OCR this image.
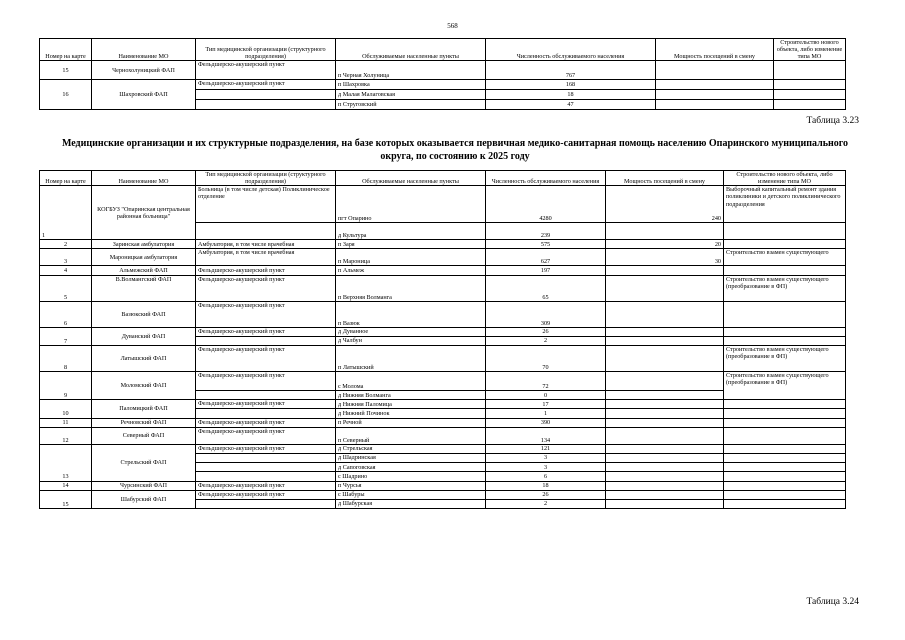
568
Номер на карте	Наименование МО	Тип медицинской организации (структурного подразделения)	Обслуживаемые населенные пункты	Численность обслуживаемого населения	Мощность посещений в смену	Строительство нового объекта, либо изменение типа МО
15	Чернохолуницкий ФАП	Фельдшерско-акушерский пункт	п Черная Холуница	767		
16	Шахровский ФАП	Фельдшерско-акушерский пункт	п Шахровка	168		
			д Малая Малаговская	18		
			п Струговский	47		
Таблица 3.23
Медицинские организации и их структурные подразделения, на базе которых оказывается первичная медико-санитарная помощь населению Опаринского муниципального округа, по состоянию к 2025 году
Номер на карте	Наименование МО	Тип медицинской организации (структурного подразделения)	Обслуживаемые населенные пункты	Численность обслуживаемого населения	Мощность посещений в смену	Строительство нового объекта, либо изменение типа МО
1	КОГБУЗ "Опаринская центральная районная больница"	Больница (в том числе детская) Поликлиническое отделение	пгт Опарино	4280	240	Выборочный капитальный ремонт здания поликлиники и детского поликлинического подразделения
			д Культура	239		
2	Заринская амбулатория	Амбулатория, в том числе врачебная	п Заря	575	20	
3	Мароницкая амбулатория	Амбулатория, в том числе врачебная	п Мароница	627	30	Строительство взамен существующего
4	Альмежский ФАП	Фельдшерско-акушерский пункт	п Альмеж	197		
5	В.Волмангский ФАП	Фельдшерско-акушерский пункт	п Верхняя Волманга	65		Строительство взамен существующего (преобразование в ФП)
6	Вазюкский ФАП	Фельдшерско-акушерский пункт	п Вазюк	309		
7	Дуванский ФАП	Фельдшерско-акушерский пункт	д Дуванное	26		
			д Чалбун	2		
8	Латышский ФАП	Фельдшерско-акушерский пункт	п Латышский	70		Строительство взамен существующего (преобразование в ФП)
9	Моломский ФАП	Фельдшерско-акушерский пункт	с Молома	72		Строительство взамен существующего (преобразование в ФП)
			д Нижняя Волманга	0		
10	Паломицкий ФАП	Фельдшерско-акушерский пункт	д Нижняя Паломица	17		
			д Нижний Починок	1		
11	Речновский ФАП	Фельдшерско-акушерский пункт	п Речной	390		
12	Северный ФАП	Фельдшерско-акушерский пункт	п Северный	134		
13	Стрельский ФАП	Фельдшерско-акушерский пункт	д Стрельская	121		
			д Шадринская	3		
			д Сапоговская	3		
			с Шадрино	6		
14	Чурсинский ФАП	Фельдшерско-акушерский пункт	п Чурсья	18		
15	Шабурский ФАП	Фельдшерско-акушерский пункт	с Шабуры	26		
			д Шабурская	2		
Таблица 3.24
